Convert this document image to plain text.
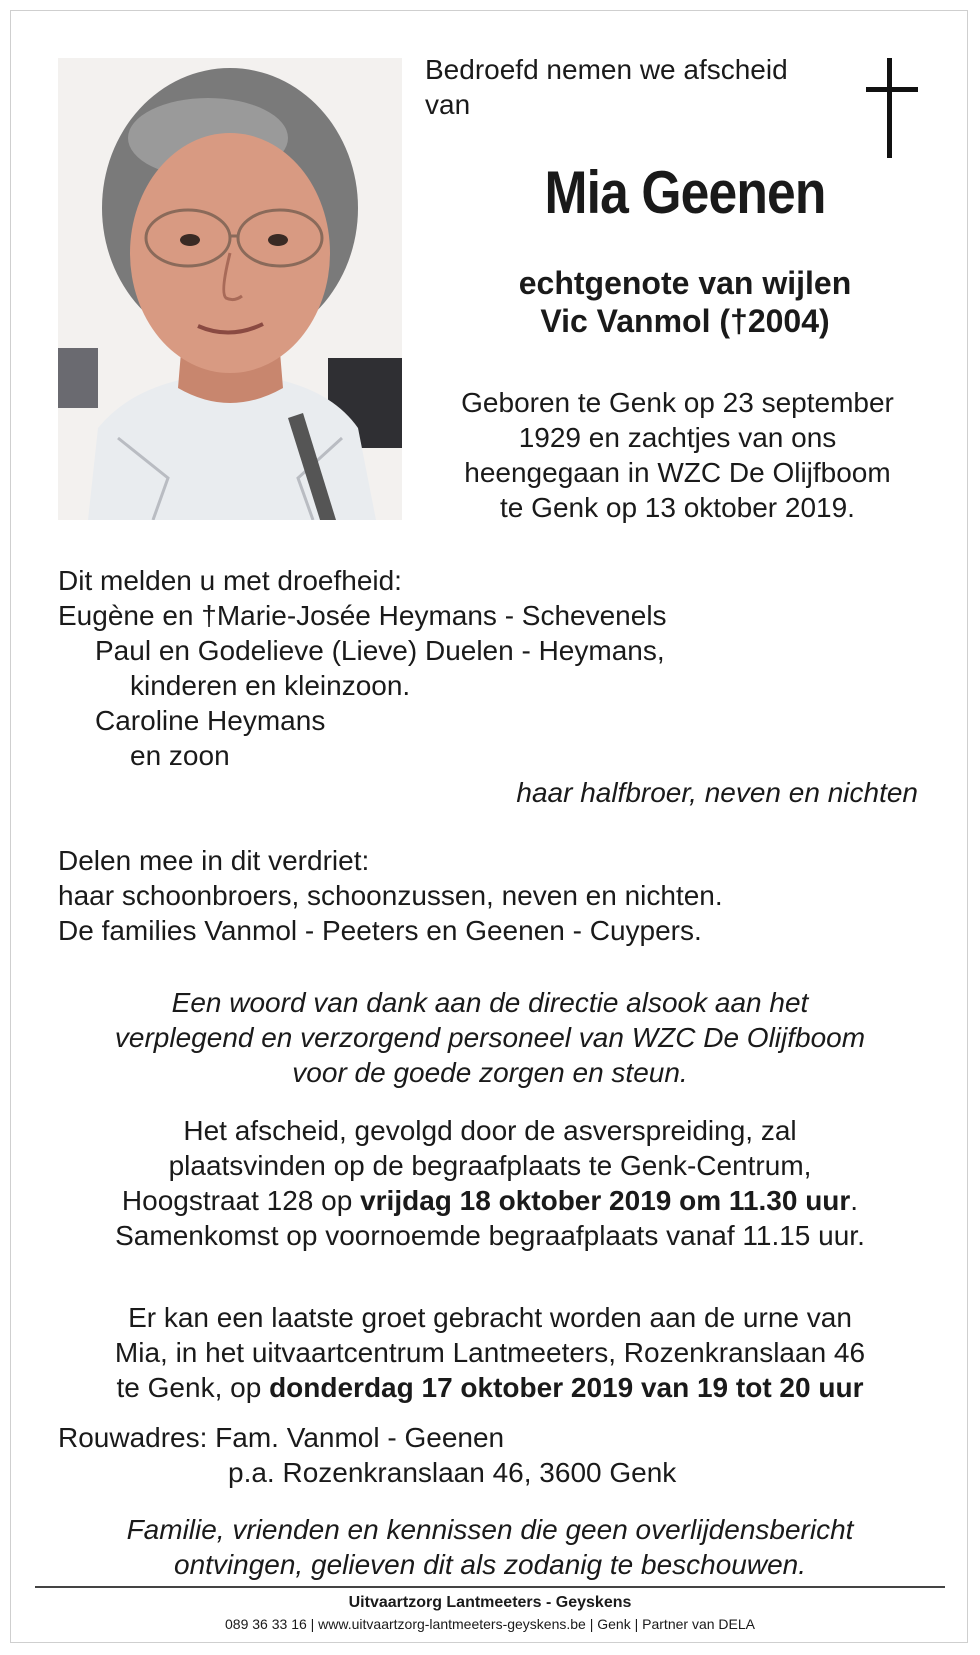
Bedroefd nemen we afscheid
van
Mia Geenen
echtgenote van wijlen
Vic Vanmol (†2004)
Geboren te Genk op 23 september
1929 en zachtjes van ons
heengegaan in WZC De Olijfboom
te Genk op 13 oktober 2019.
Dit melden u met droefheid:
Eugène en †Marie-Josée Heymans - Schevenels
Paul en Godelieve (Lieve) Duelen - Heymans,
kinderen en kleinzoon.
Caroline Heymans
en zoon
haar halfbroer, neven en nichten
Delen mee in dit verdriet:
haar schoonbroers, schoonzussen, neven en nichten.
De families Vanmol - Peeters en Geenen - Cuypers.
Een woord van dank aan de directie alsook aan het
verplegend en verzorgend personeel van WZC De Olijfboom
voor de goede zorgen en steun.
Het afscheid, gevolgd door de asverspreiding, zal
plaatsvinden op de begraafplaats te Genk-Centrum,
Hoogstraat 128 op vrijdag 18 oktober 2019 om 11.30 uur.
Samenkomst op voornoemde begraafplaats vanaf 11.15 uur.
Er kan een laatste groet gebracht worden aan de urne van
Mia, in het uitvaartcentrum Lantmeeters, Rozenkranslaan 46
te Genk, op donderdag 17 oktober 2019 van 19 tot 20 uur
Rouwadres: Fam. Vanmol - Geenen
p.a. Rozenkranslaan 46, 3600 Genk
Familie, vrienden en kennissen die geen overlijdensbericht
ontvingen, gelieven dit als zodanig te beschouwen.
Uitvaartzorg Lantmeeters - Geyskens
089 36 33 16 | www.uitvaartzorg-lantmeeters-geyskens.be | Genk | Partner van DELA
